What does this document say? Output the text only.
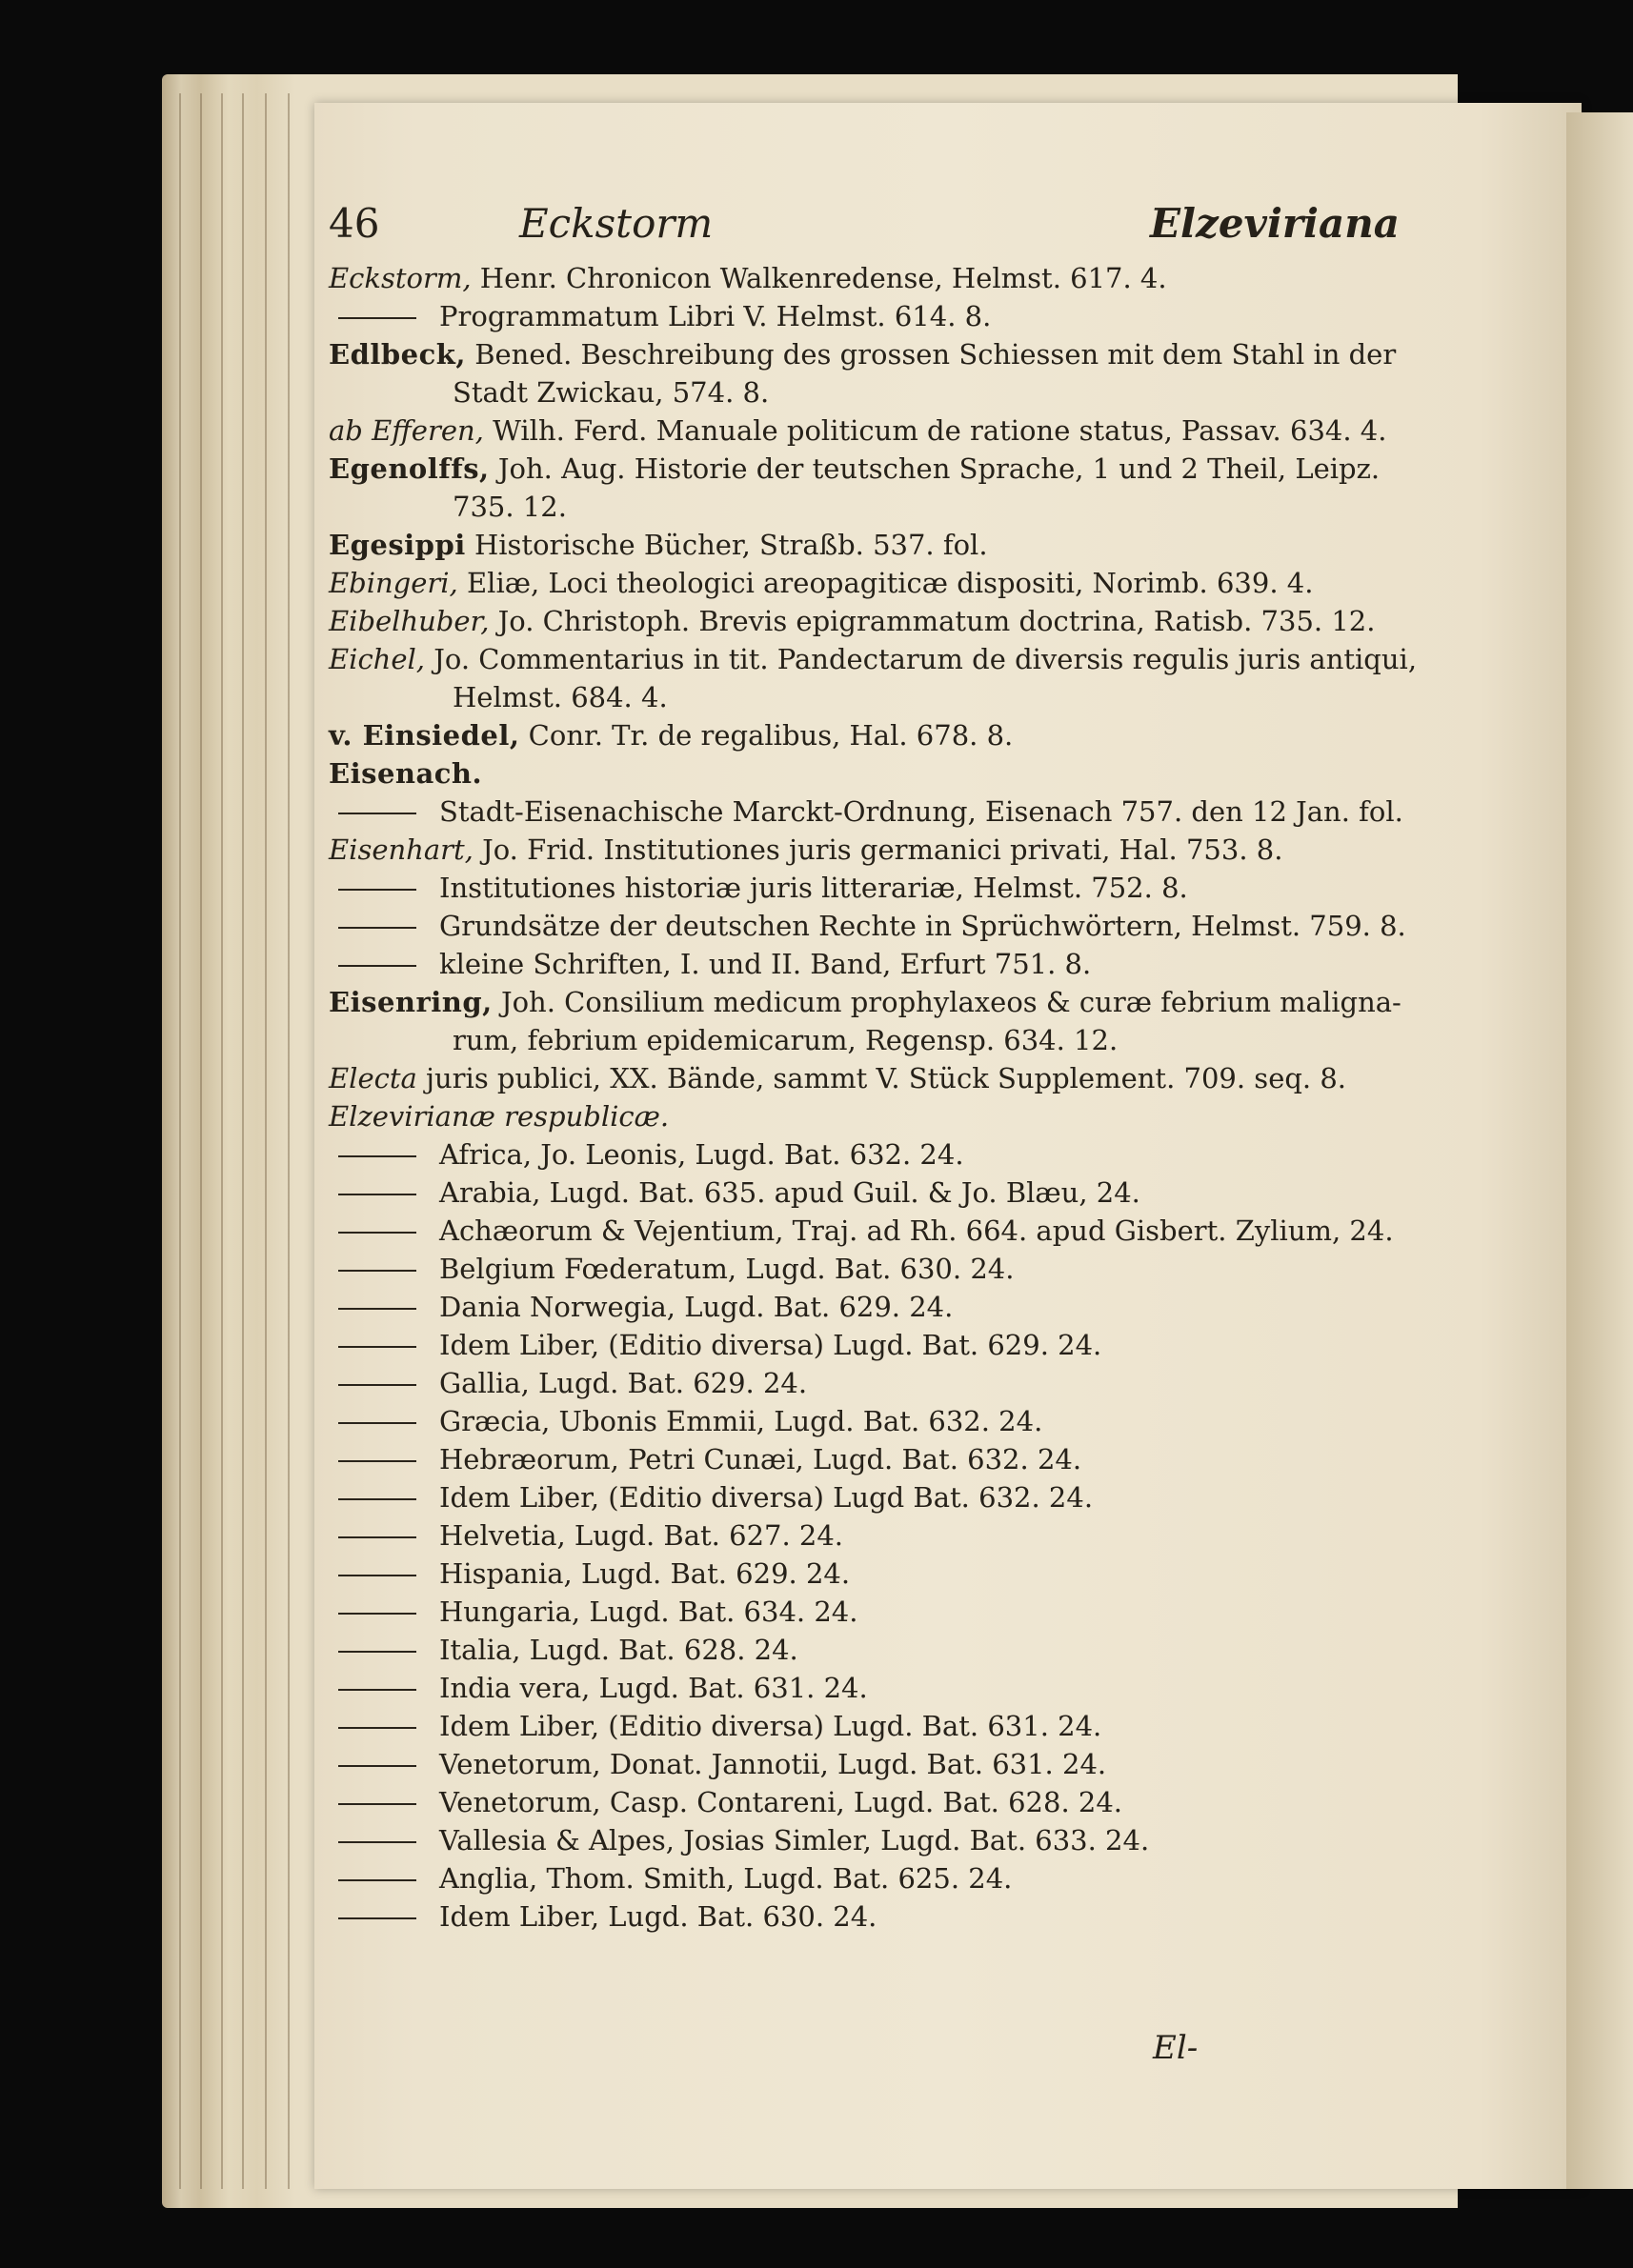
46	Eckstorm	Elzeviriana
Eckstorm, Henr. Chronicon Walkenredense, Helmst. 617. 4.
Programmatum Libri V. Helmst. 614. 8.
Edlbeck, Bened. Beschreibung des grossen Schiessen mit dem Stahl in der
Stadt Zwickau, 574. 8.
ab Efferen, Wilh. Ferd. Manuale politicum de ratione status, Passav. 634. 4.
Egenolffs, Joh. Aug. Historie der teutschen Sprache, 1 und 2 Theil, Leipz.
735. 12.
Egesippi Historische Bücher, Straßb. 537. fol.
Ebingeri, Eliæ, Loci theologici areopagiticæ dispositi, Norimb. 639. 4.
Eibelhuber, Jo. Christoph. Brevis epigrammatum doctrina, Ratisb. 735. 12.
Eichel, Jo. Commentarius in tit. Pandectarum de diversis regulis juris antiqui,
Helmst. 684. 4.
v. Einsiedel, Conr. Tr. de regalibus, Hal. 678. 8.
Eisenach.
Stadt-Eisenachische Marckt-Ordnung, Eisenach 757. den 12 Jan. fol.
Eisenhart, Jo. Frid. Institutiones juris germanici privati, Hal. 753. 8.
Institutiones historiæ juris litterariæ, Helmst. 752. 8.
Grundsätze der deutschen Rechte in Sprüchwörtern, Helmst. 759. 8.
kleine Schriften, I. und II. Band, Erfurt 751. 8.
Eisenring, Joh. Consilium medicum prophylaxeos & curæ febrium maligna-
rum, febrium epidemicarum, Regensp. 634. 12.
Electa juris publici, XX. Bände, sammt V. Stück Supplement. 709. seq. 8.
Elzevirianæ respublicæ.
Africa, Jo. Leonis, Lugd. Bat. 632. 24.
Arabia, Lugd. Bat. 635. apud Guil. & Jo. Blæu, 24.
Achæorum & Vejentium, Traj. ad Rh. 664. apud Gisbert. Zylium, 24.
Belgium Fœderatum, Lugd. Bat. 630. 24.
Dania Norwegia, Lugd. Bat. 629. 24.
Idem Liber, (Editio diversa) Lugd. Bat. 629. 24.
Gallia, Lugd. Bat. 629. 24.
Græcia, Ubonis Emmii, Lugd. Bat. 632. 24.
Hebræorum, Petri Cunæi, Lugd. Bat. 632. 24.
Idem Liber, (Editio diversa) Lugd Bat. 632. 24.
Helvetia, Lugd. Bat. 627. 24.
Hispania, Lugd. Bat. 629. 24.
Hungaria, Lugd. Bat. 634. 24.
Italia, Lugd. Bat. 628. 24.
India vera, Lugd. Bat. 631. 24.
Idem Liber, (Editio diversa) Lugd. Bat. 631. 24.
Venetorum, Donat. Jannotii, Lugd. Bat. 631. 24.
Venetorum, Casp. Contareni, Lugd. Bat. 628. 24.
Vallesia & Alpes, Josias Simler, Lugd. Bat. 633. 24.
Anglia, Thom. Smith, Lugd. Bat. 625. 24.
Idem Liber, Lugd. Bat. 630. 24.
El-
